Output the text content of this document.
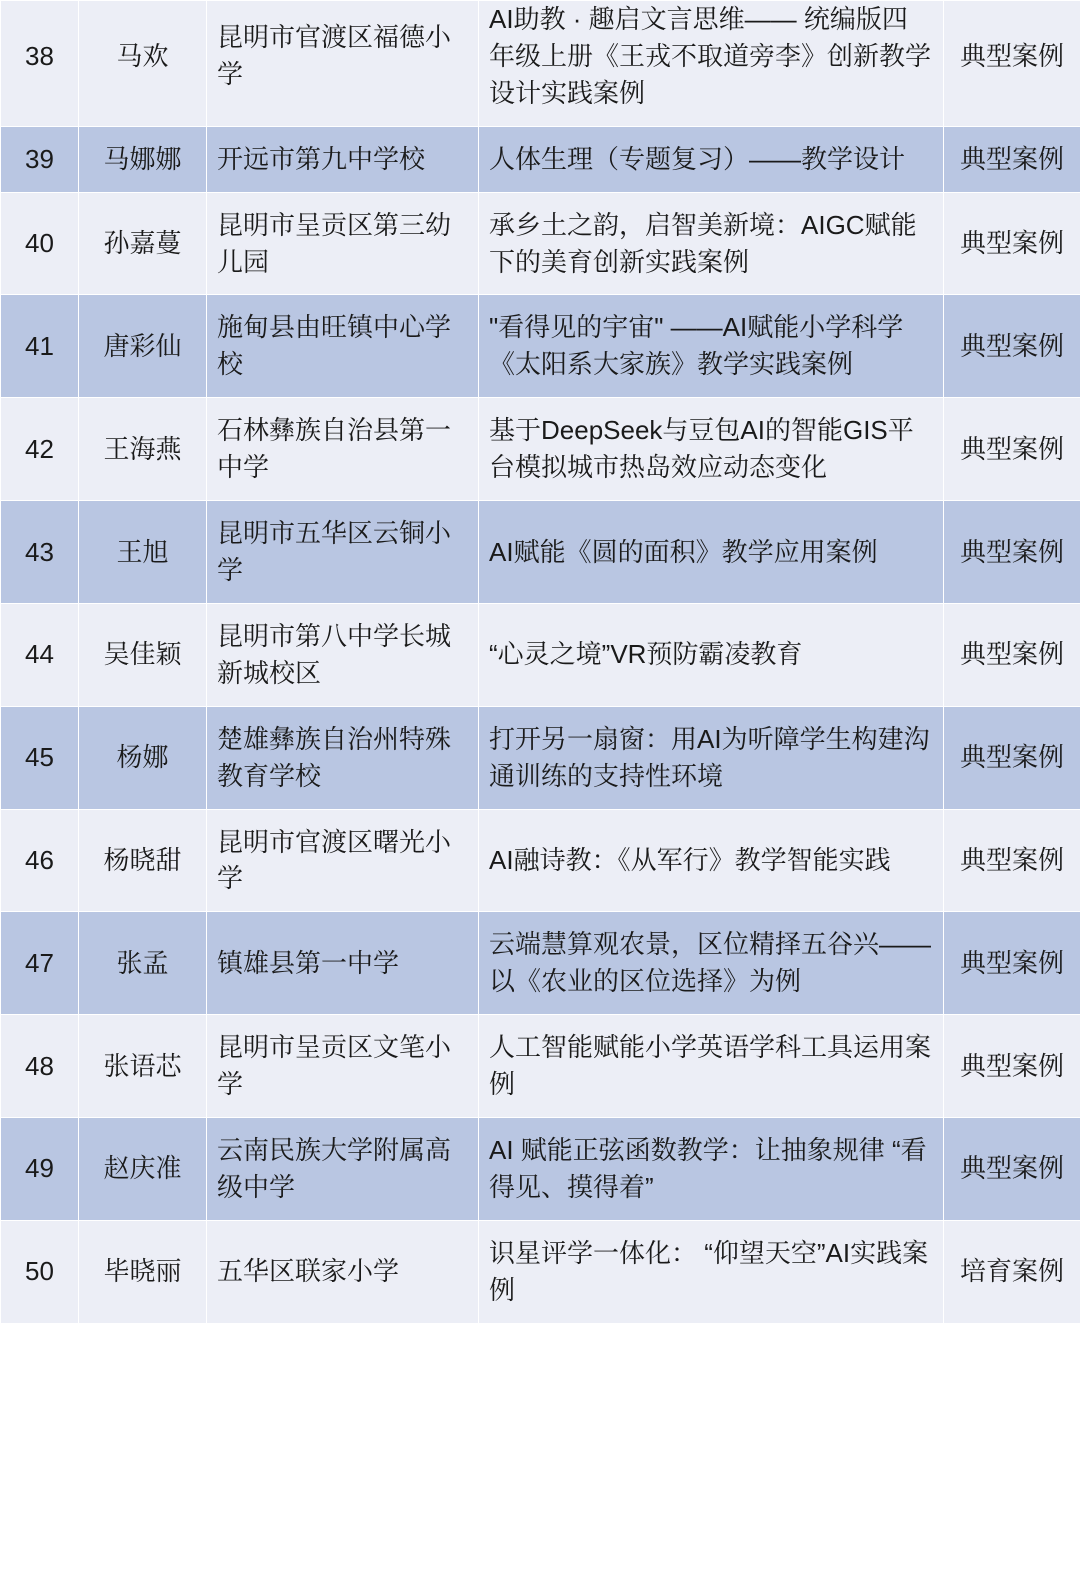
38	马欢	昆明市官渡区福德小学	AI助教 · 趣启文言思维—— 统编版四年级上册《王戎不取道旁李》创新教学设计实践案例	典型案例
39	马娜娜	开远市第九中学校	人体生理（专题复习）——教学设计	典型案例
40	孙嘉蔓	昆明市呈贡区第三幼儿园	承乡土之韵，启智美新境：AIGC赋能下的美育创新实践案例	典型案例
41	唐彩仙	施甸县由旺镇中心学校	"看得见的宇宙" ——AI赋能小学科学《太阳系大家族》教学实践案例	典型案例
42	王海燕	石林彝族自治县第一中学	基于DeepSeek与豆包AI的智能GIS平台模拟城市热岛效应动态变化	典型案例
43	王旭	昆明市五华区云铜小学	AI赋能《圆的面积》教学应用案例	典型案例
44	吴佳颖	昆明市第八中学长城新城校区	“心灵之境”VR预防霸凌教育	典型案例
45	杨娜	楚雄彝族自治州特殊教育学校	打开另一扇窗：用AI为听障学生构建沟通训练的支持性环境	典型案例
46	杨晓甜	昆明市官渡区曙光小学	AI融诗教：《从军行》教学智能实践	典型案例
47	张孟	镇雄县第一中学	云端慧算观农景，区位精择五谷兴——以《农业的区位选择》为例	典型案例
48	张语芯	昆明市呈贡区文笔小学	人工智能赋能小学英语学科工具运用案例	典型案例
49	赵庆准	云南民族大学附属高级中学	AI 赋能正弦函数教学：让抽象规律 “看得见、摸得着”	典型案例
50	毕晓丽	五华区联家小学	识星评学一体化： “仰望天空”AI实践案例	培育案例
